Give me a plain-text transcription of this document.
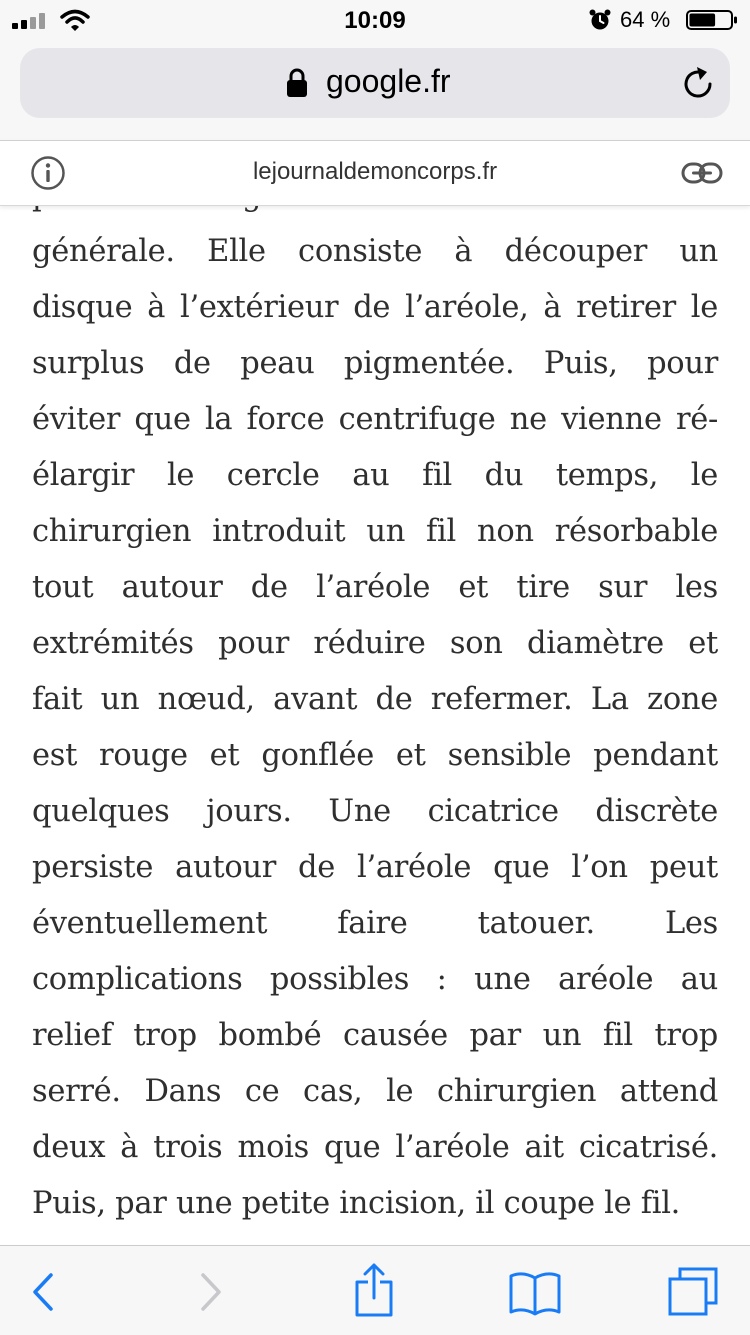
10:09	64 %
google.fr
lejournaldemoncorps.fr
générale. Elle consiste à découper un
disque à l’extérieur de l’aréole, à retirer le
surplus de peau pigmentée. Puis, pour
éviter que la force centrifuge ne vienne ré-
élargir le cercle au fil du temps, le
chirurgien introduit un fil non résorbable
tout autour de l’aréole et tire sur les
extrémités pour réduire son diamètre et
fait un nœud, avant de refermer. La zone
est rouge et gonflée et sensible pendant
quelques jours. Une cicatrice discrète
persiste autour de l’aréole que l’on peut
éventuellement faire tatouer. Les
complications possibles : une aréole au
relief trop bombé causée par un fil trop
serré. Dans ce cas, le chirurgien attend
deux à trois mois que l’aréole ait cicatrisé.
Puis, par une petite incision, il coupe le fil.
